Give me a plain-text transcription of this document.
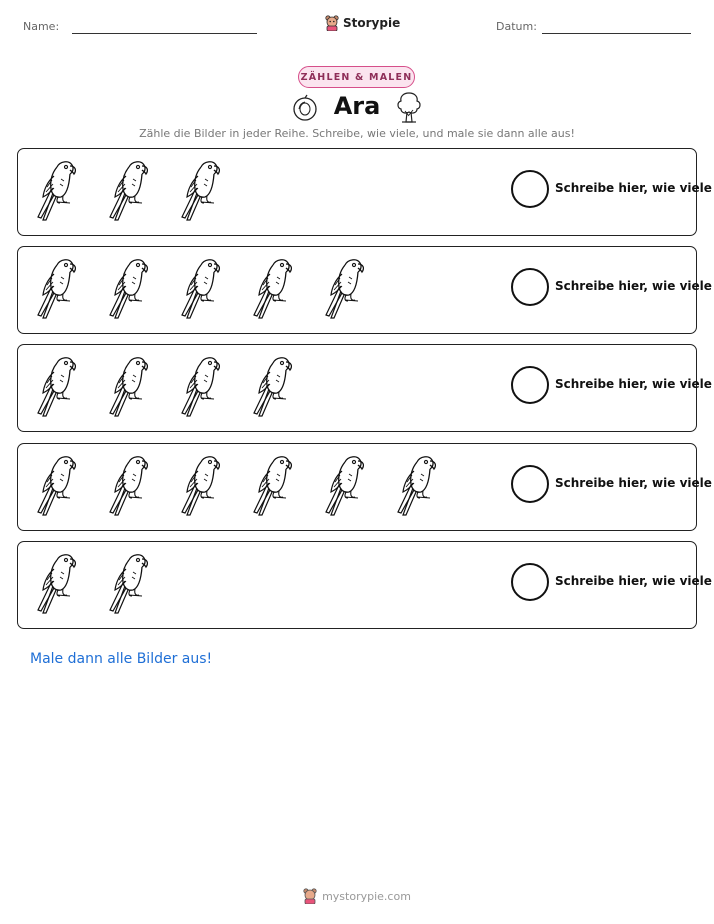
Name:	Storypie	Datum:
ZÄHLEN & MALEN
Ara
Zähle die Bilder in jeder Reihe. Schreibe, wie viele, und male sie dann alle aus!
Schreibe hier, wie viele
Schreibe hier, wie viele
Schreibe hier, wie viele
Schreibe hier, wie viele
Schreibe hier, wie viele
Male dann alle Bilder aus!
mystorypie.com
